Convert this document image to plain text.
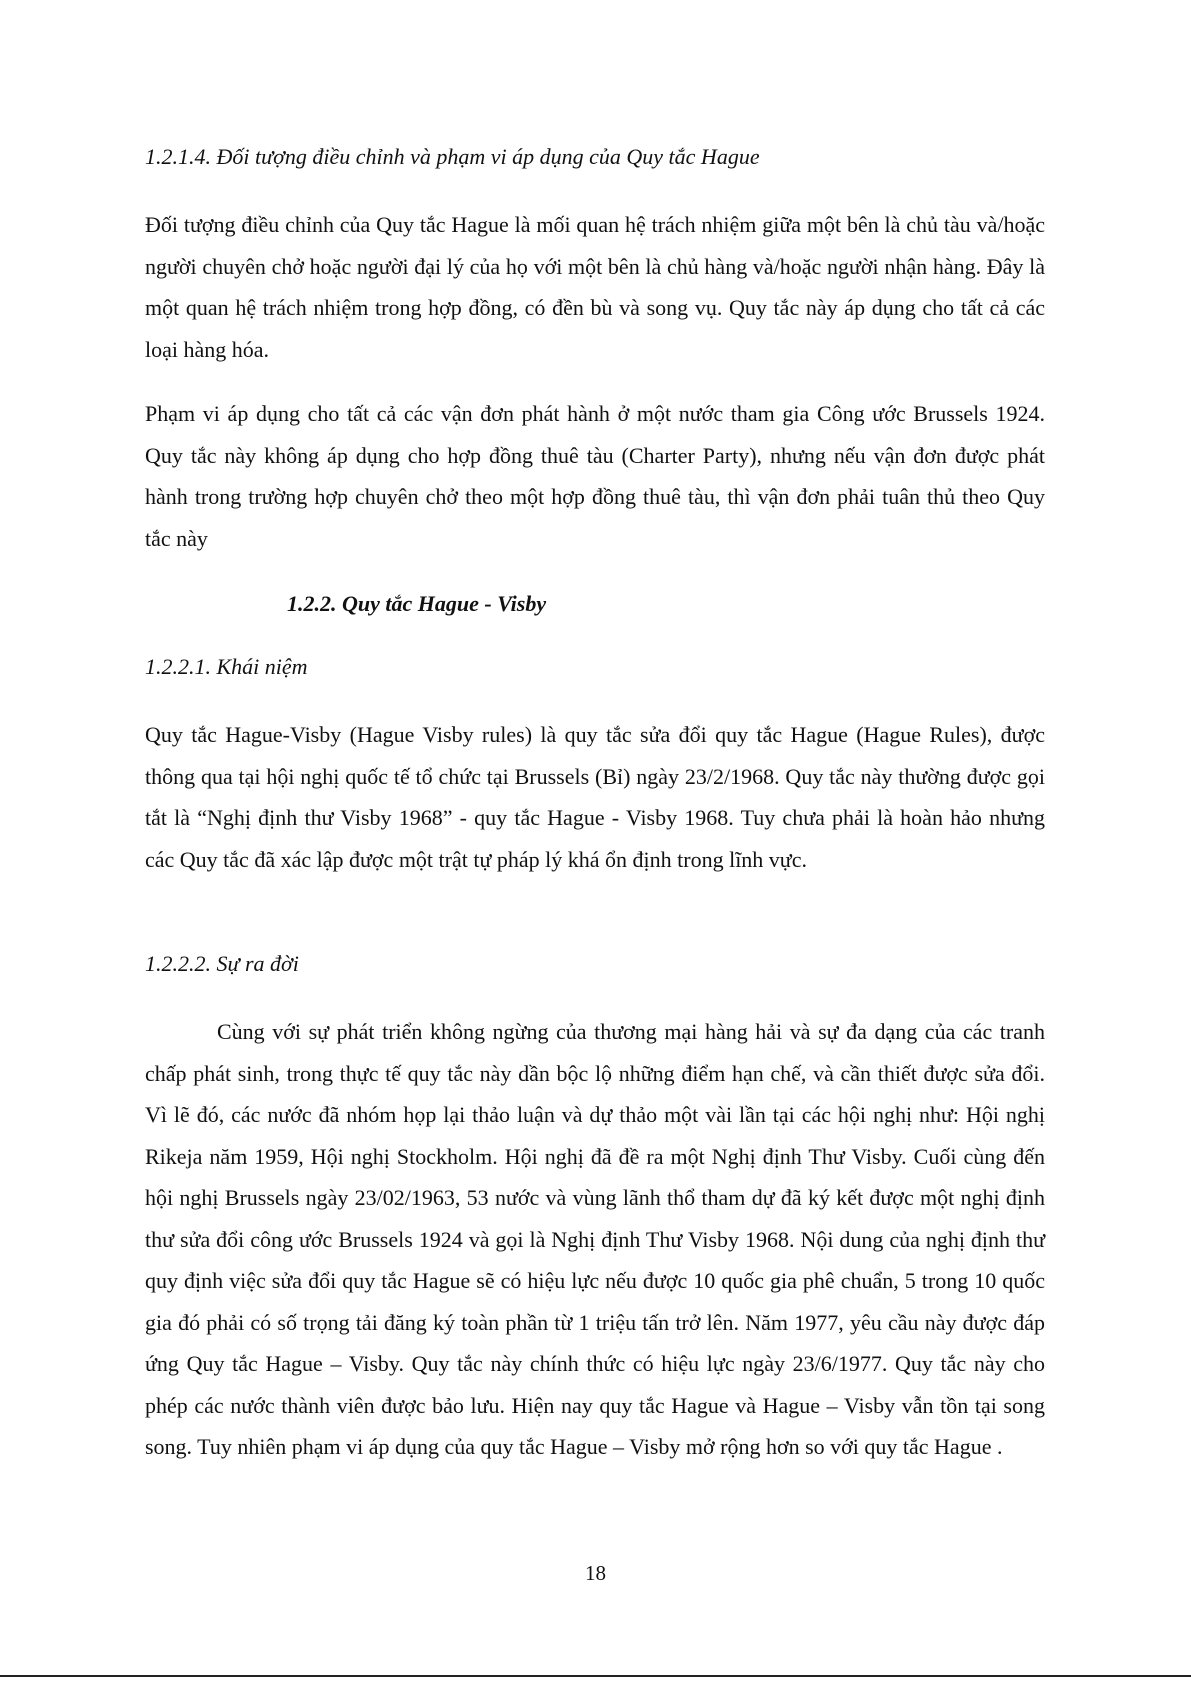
1.2.1.4. Đối tượng điều chỉnh và phạm vi áp dụng của Quy tắc Hague

Đối tượng điều chỉnh của Quy tắc Hague là mối quan hệ trách nhiệm giữa một bên là chủ tàu và/hoặc người chuyên chở hoặc người đại lý của họ với một bên là chủ hàng và/hoặc người nhận hàng. Đây là một quan hệ trách nhiệm trong hợp đồng, có đền bù và song vụ. Quy tắc này áp dụng cho tất cả các loại hàng hóa.

Phạm vi áp dụng cho tất cả các vận đơn phát hành ở một nước tham gia Công ước Brussels 1924. Quy tắc này không áp dụng cho hợp đồng thuê tàu (Charter Party), nhưng nếu vận đơn được phát hành trong trường hợp chuyên chở theo một hợp đồng thuê tàu, thì vận đơn phải tuân thủ theo Quy tắc này

1.2.2. Quy tắc Hague - Visby

1.2.2.1. Khái niệm

Quy tắc Hague-Visby (Hague Visby rules) là quy tắc sửa đổi quy tắc Hague (Hague Rules), được thông qua tại hội nghị quốc tế tổ chức tại Brussels (Bỉ) ngày 23/2/1968. Quy tắc này thường được gọi tắt là “Nghị định thư Visby 1968” - quy tắc Hague - Visby 1968. Tuy chưa phải là hoàn hảo nhưng các Quy tắc đã xác lập được một trật tự pháp lý khá ổn định trong lĩnh vực.

1.2.2.2. Sự ra đời

Cùng với sự phát triển không ngừng của thương mại hàng hải và sự đa dạng của các tranh chấp phát sinh, trong thực tế quy tắc này dần bộc lộ những điểm hạn chế, và cần thiết được sửa đổi. Vì lẽ đó, các nước đã nhóm họp lại thảo luận và dự thảo một vài lần tại các hội nghị như: Hội nghị Rikeja năm 1959, Hội nghị Stockholm. Hội nghị đã đề ra một Nghị định Thư Visby. Cuối cùng đến hội nghị Brussels ngày 23/02/1963, 53 nước và vùng lãnh thổ tham dự đã ký kết được một nghị định thư sửa đổi công ước Brussels 1924 và gọi là Nghị định Thư Visby 1968. Nội dung của nghị định thư quy định việc sửa đổi quy tắc Hague sẽ có hiệu lực nếu được 10 quốc gia phê chuẩn, 5 trong 10 quốc gia đó phải có số trọng tải đăng ký toàn phần từ 1 triệu tấn trở lên. Năm 1977, yêu cầu này được đáp ứng Quy tắc Hague – Visby. Quy tắc này chính thức có hiệu lực ngày 23/6/1977. Quy tắc này cho phép các nước thành viên được bảo lưu. Hiện nay quy tắc Hague và Hague – Visby vẫn tồn tại song song. Tuy nhiên phạm vi áp dụng của quy tắc Hague – Visby mở rộng hơn so với quy tắc Hague .

18
